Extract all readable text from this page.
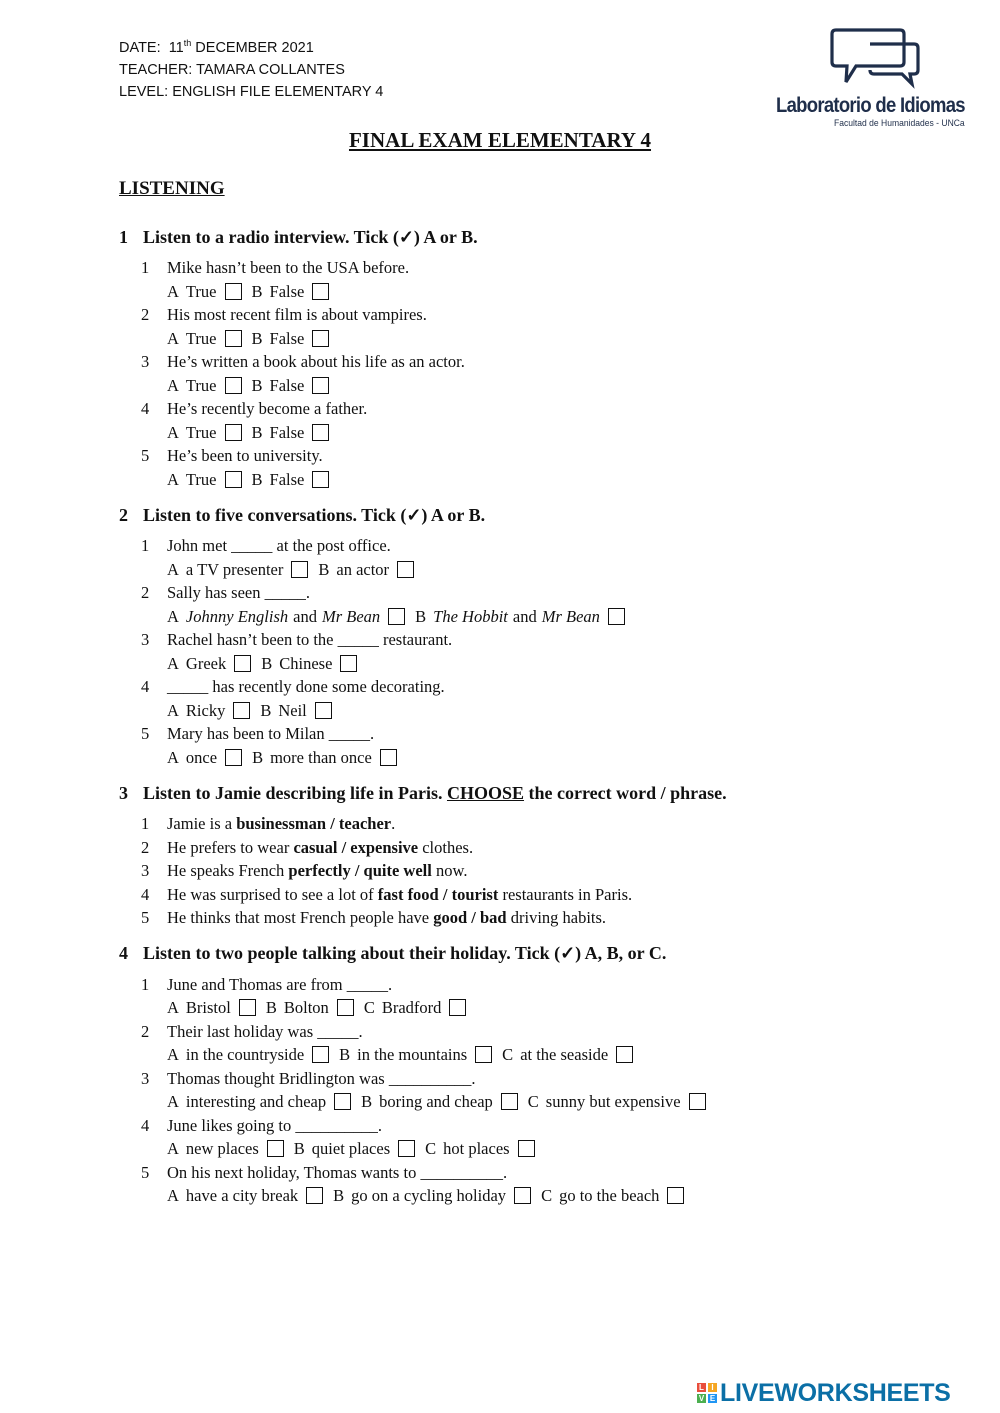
DATE: 11th DECEMBER 2021
TEACHER: TAMARA COLLANTES
LEVEL: ENGLISH FILE ELEMENTARY 4
Laboratorio de Idiomas
Facultad de Humanidades - UNCa
FINAL EXAM ELEMENTARY 4
LISTENING
1 Listen to a radio interview. Tick (✓) A or B.
1 Mike hasn’t been to the USA before.
A True B False
2 His most recent film is about vampires.
A True B False
3 He’s written a book about his life as an actor.
A True B False
4 He’s recently become a father.
A True B False
5 He’s been to university.
A True B False
2 Listen to five conversations. Tick (✓) A or B.
1 John met _____ at the post office.
A a TV presenter B an actor
2 Sally has seen _____.
A Johnny English and Mr Bean B The Hobbit and Mr Bean
3 Rachel hasn’t been to the _____ restaurant.
A Greek B Chinese
4 _____ has recently done some decorating.
A Ricky B Neil
5 Mary has been to Milan _____.
A once B more than once
3 Listen to Jamie describing life in Paris.
CHOOSE
the correct word / phrase.
1 Jamie is a businessman / teacher.
2 He prefers to wear casual / expensive clothes.
3 He speaks French perfectly / quite well now.
4 He was surprised to see a lot of fast food / tourist restaurants in Paris.
5 He thinks that most French people have good / bad driving habits.
4 Listen to two people talking about their holiday. Tick (✓) A, B, or C.
1 June and Thomas are from _____.
A Bristol B Bolton C Bradford
2 Their last holiday was _____.
A in the countryside B in the mountains C at the seaside
3 Thomas thought Bridlington was __________.
A interesting and cheap B boring and cheap C sunny but expensive
4 June likes going to __________.
A new places B quiet places C hot places
5 On his next holiday, Thomas wants to __________.
A have a city break B go on a cycling holiday C go to the beach
L I
V E LIVEWORKSHEETS
